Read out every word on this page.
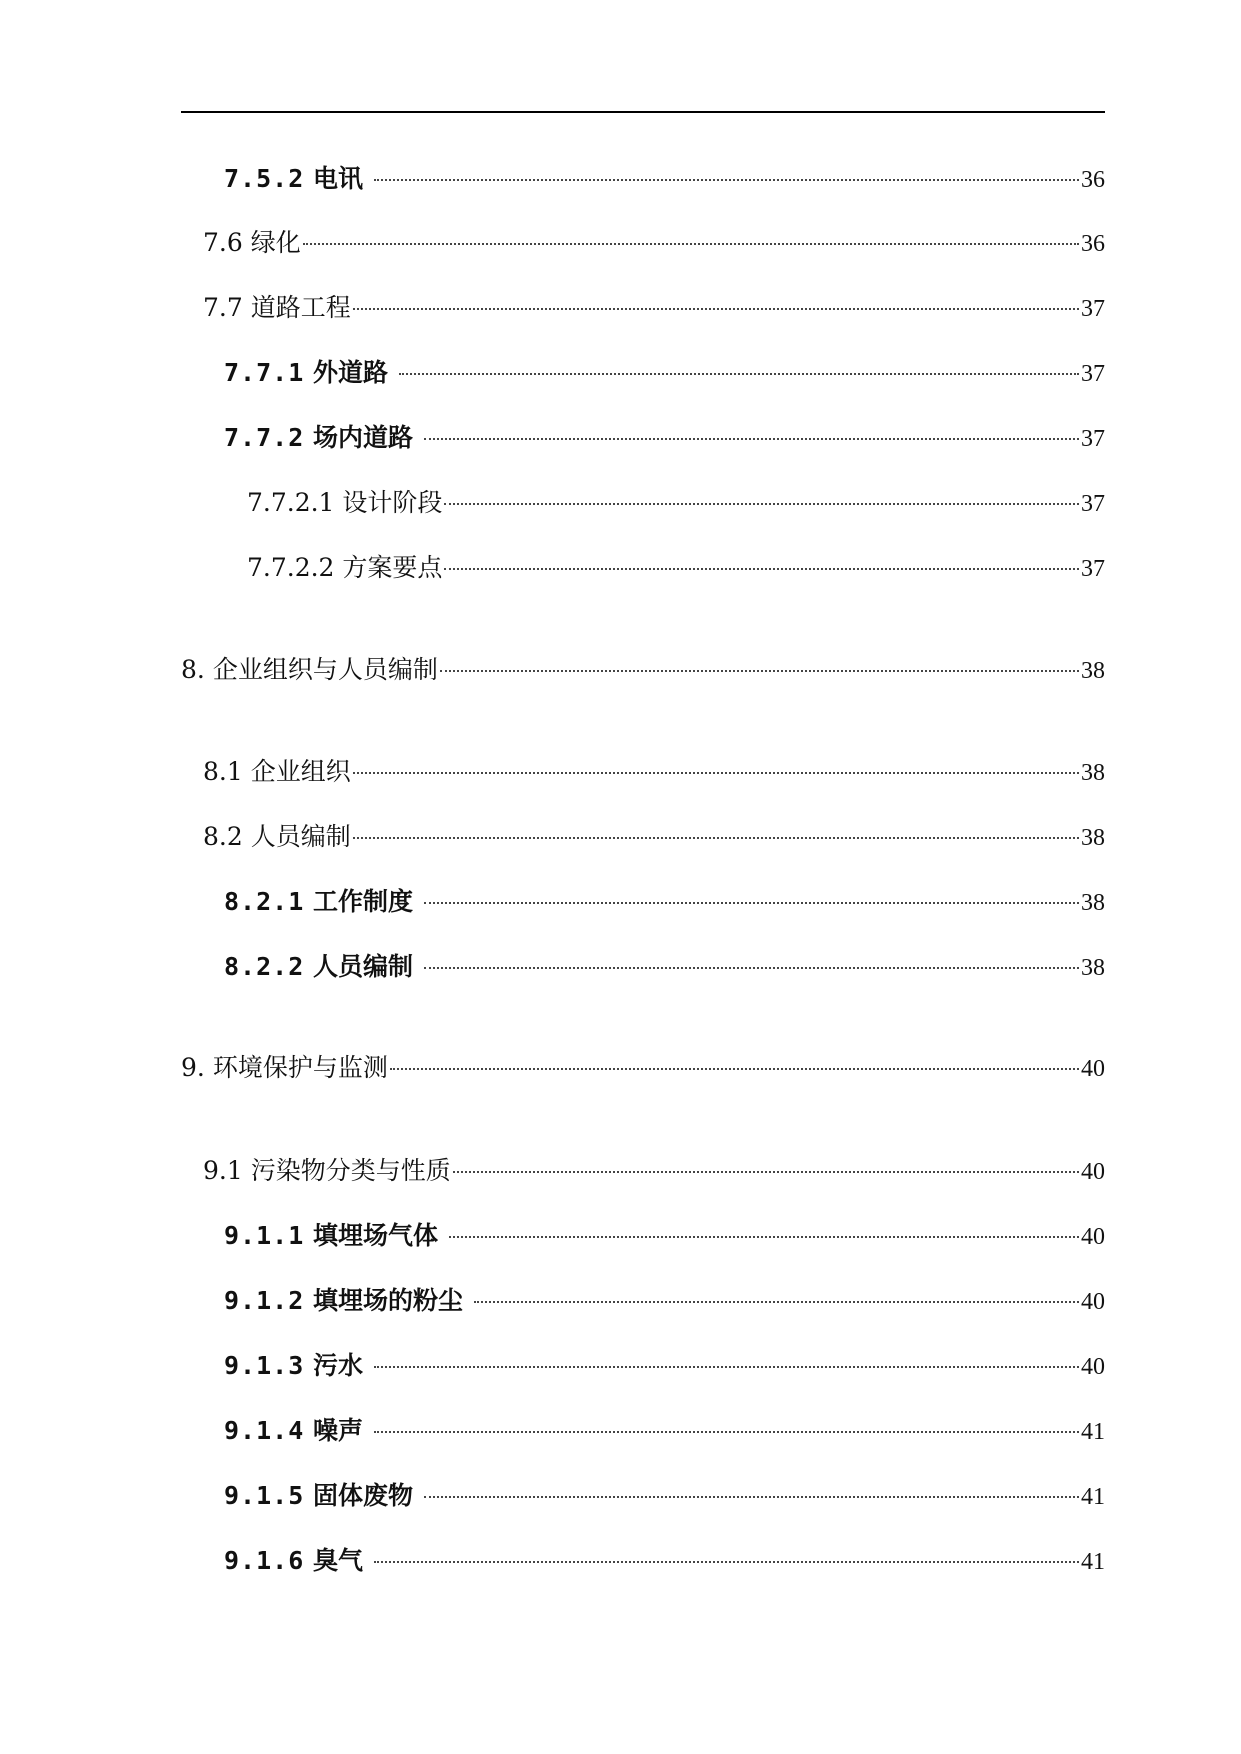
7.5.2 电讯	36
7.6 绿化	36
7.7 道路工程	37
7.7.1 外道路	37
7.7.2 场内道路	37
7.7.2.1 设计阶段	37
7.7.2.2 方案要点	37
8. 企业组织与人员编制	38
8.1 企业组织	38
8.2 人员编制	38
8.2.1 工作制度	38
8.2.2 人员编制	38
9. 环境保护与监测	40
9.1 污染物分类与性质	40
9.1.1 填埋场气体	40
9.1.2 填埋场的粉尘	40
9.1.3 污水	40
9.1.4 噪声	41
9.1.5 固体废物	41
9.1.6 臭气	41
